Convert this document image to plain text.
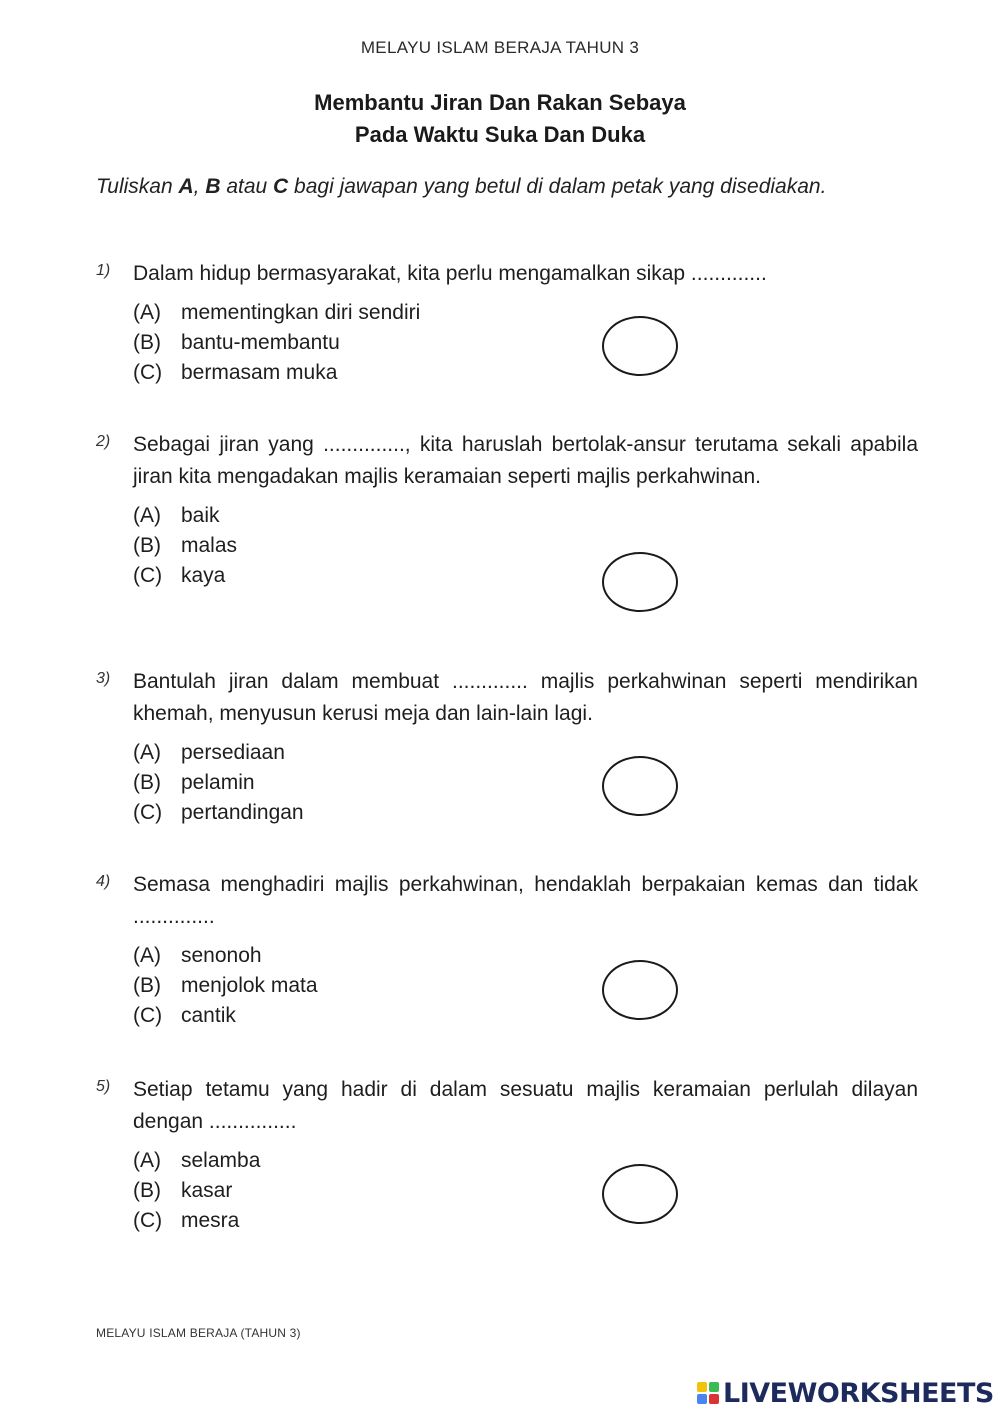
MELAYU ISLAM BERAJA TAHUN 3
Membantu Jiran Dan Rakan Sebaya
Pada Waktu Suka Dan Duka
Tuliskan A, B atau C bagi jawapan yang betul di dalam petak yang disediakan.
1) Dalam hidup bermasyarakat, kita perlu mengamalkan sikap .............
(A) mementingkan diri sendiri
(B) bantu-membantu
(C) bermasam muka
2) Sebagai jiran yang .............., kita haruslah bertolak-ansur terutama sekali apabila jiran kita mengadakan majlis keramaian seperti majlis perkahwinan.
(A) baik
(B) malas
(C) kaya
3) Bantulah jiran dalam membuat ............. majlis perkahwinan seperti mendirikan khemah, menyusun kerusi meja dan lain-lain lagi.
(A) persediaan
(B) pelamin
(C) pertandingan
4) Semasa menghadiri majlis perkahwinan, hendaklah berpakaian kemas dan tidak ..............
(A) senonoh
(B) menjolok mata
(C) cantik
5) Setiap tetamu yang hadir di dalam sesuatu majlis keramaian perlulah dilayan dengan ...............
(A) selamba
(B) kasar
(C) mesra
MELAYU ISLAM BERAJA (TAHUN 3)
LIVEWORKSHEETS
